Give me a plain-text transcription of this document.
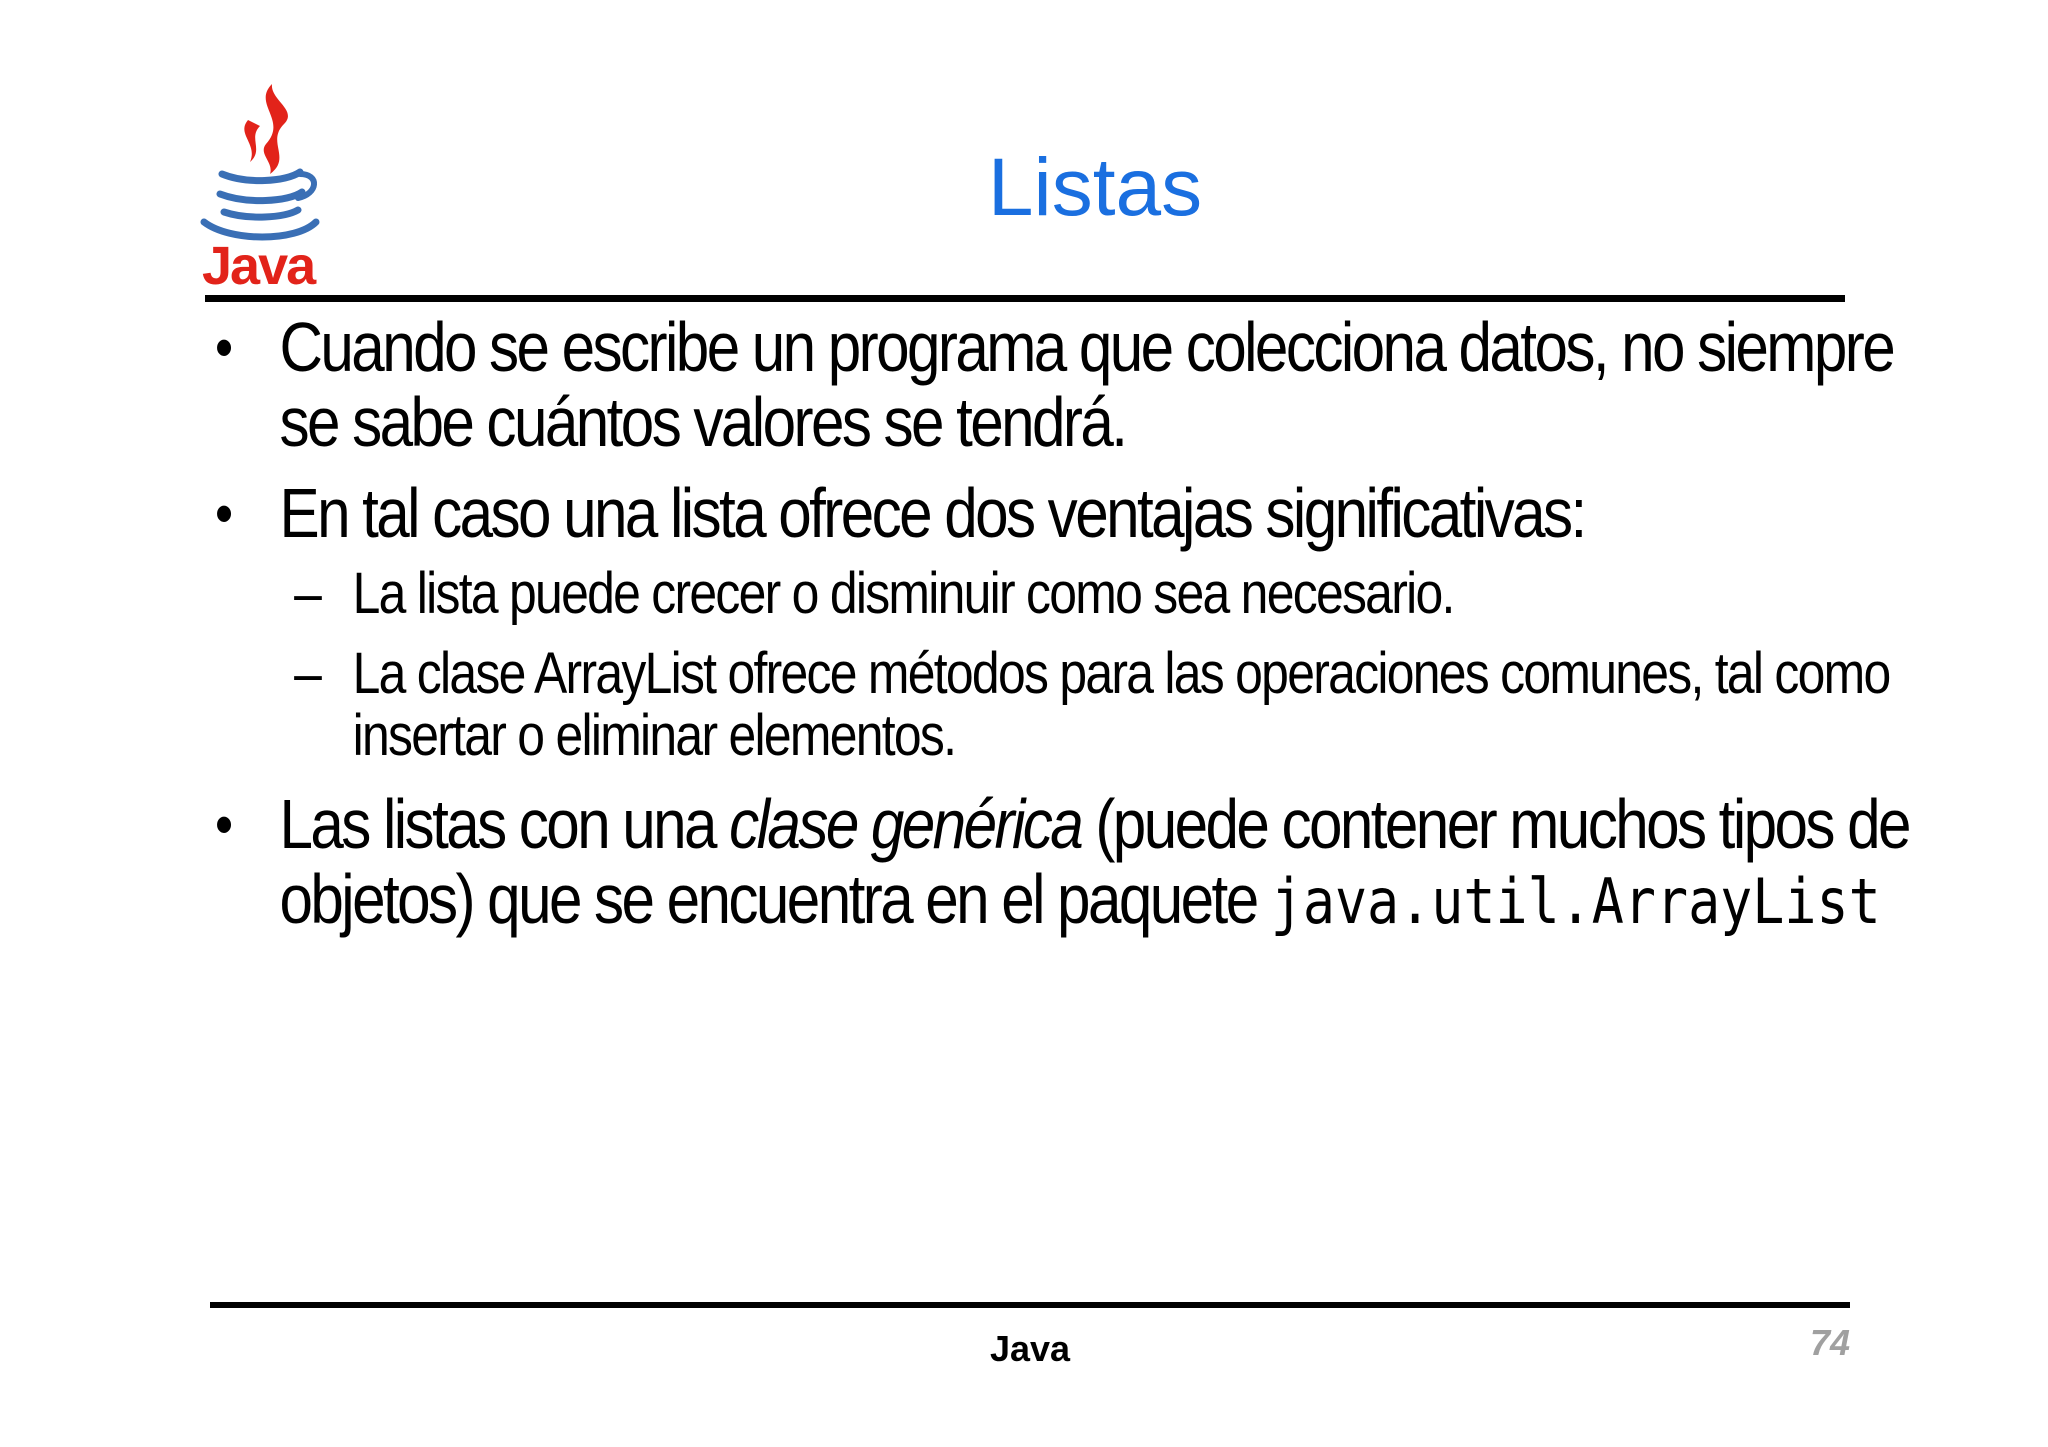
Java
Listas
• Cuando se escribe un programa que colecciona datos, no siempre se sabe cuántos valores se tendrá.
• En tal caso una lista ofrece dos ventajas significativas:
– La lista puede crecer o disminuir como sea necesario.
– La clase ArrayList ofrece métodos para las operaciones comunes, tal como insertar o eliminar elementos.
• Las listas con una clase genérica (puede contener muchos tipos de objetos) que se encuentra en el paquete java.util.ArrayList
Java	74
